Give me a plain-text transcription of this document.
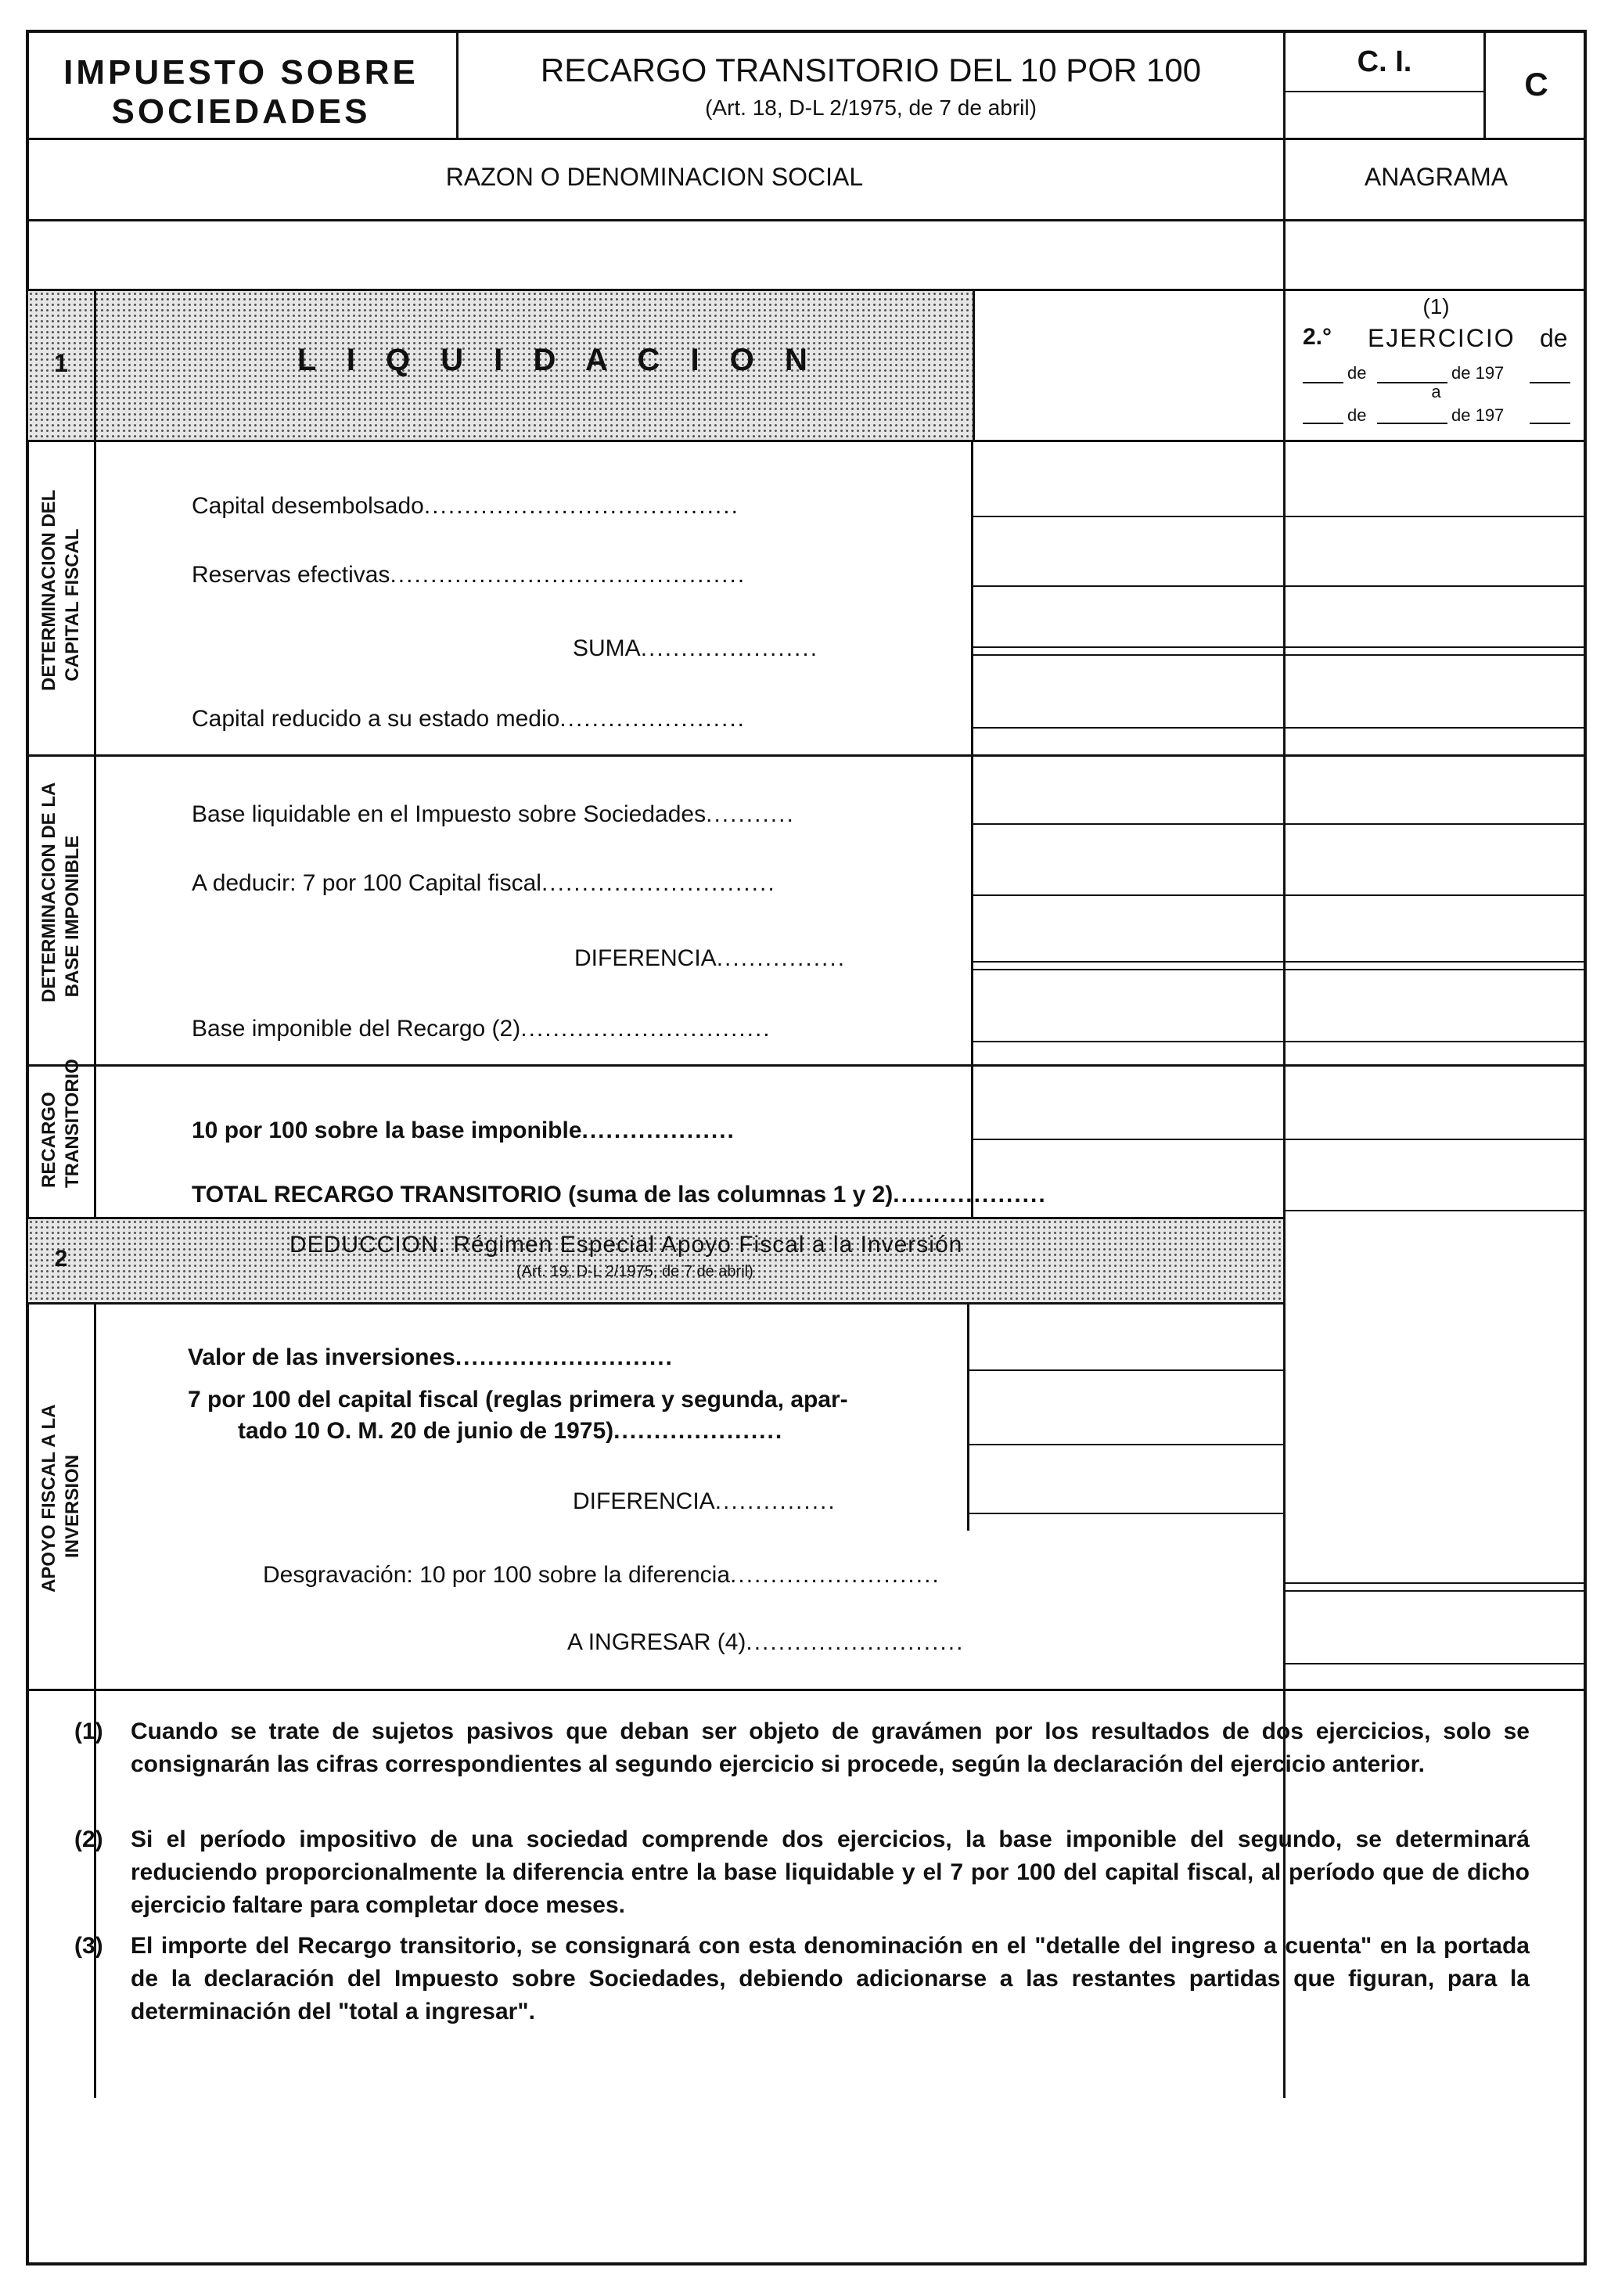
IMPUESTO SOBRE
SOCIEDADES
RECARGO TRANSITORIO DEL 10 POR 100
(Art. 18, D-L 2/1975, de 7 de abril)
C. I.
C
RAZON O DENOMINACION SOCIAL	ANAGRAMA
1	L I Q U I D A C I O N
(1)
2.° EJERCICIO de
de	de 197
a
de	de 197
DETERMINACION DEL CAPITAL FISCAL
Capital desembolsado.......................................
Reservas efectivas............................................
SUMA......................
Capital reducido a su estado medio.......................
DETERMINACION DE LA BASE IMPONIBLE
Base liquidable en el Impuesto sobre Sociedades...........
A deducir: 7 por 100 Capital fiscal.............................
DIFERENCIA................
Base imponible del Recargo (2)...............................
RECARGO TRANSITORIO	10 por 100 sobre la base imponible...................
TOTAL RECARGO TRANSITORIO (suma de las columnas 1 y 2)...................
2
DEDUCCION. Régimen Especial Apoyo Fiscal a la Inversión
(Art. 19, D-L 2/1975, de 7 de abril)
APOYO FISCAL A LA INVERSION
Valor de las inversiones...........................
7 por 100 del capital fiscal (reglas primera y segunda, apar-
tado 10 O. M. 20 de junio de 1975).....................
DIFERENCIA...............
Desgravación: 10 por 100 sobre la diferencia..........................
A INGRESAR (4)...........................
(1) Cuando se trate de sujetos pasivos que deban ser objeto de gravámen por los resultados de dos ejercicios, solo se consignarán las cifras correspondientes al segundo ejercicio si procede, según la declaración del ejercicio anterior.
(2) Si el período impositivo de una sociedad comprende dos ejercicios, la base imponible del segundo, se determinará reduciendo proporcionalmente la diferencia entre la base liquidable y el 7 por 100 del capital fiscal, al período que de dicho ejercicio faltare para completar doce meses.
(3) El importe del Recargo transitorio, se consignará con esta denominación en el "detalle del ingreso a cuenta" en la portada de la declaración del Impuesto sobre Sociedades, debiendo adicionarse a las restantes partidas que figuran, para la determinación del "total a ingresar".
